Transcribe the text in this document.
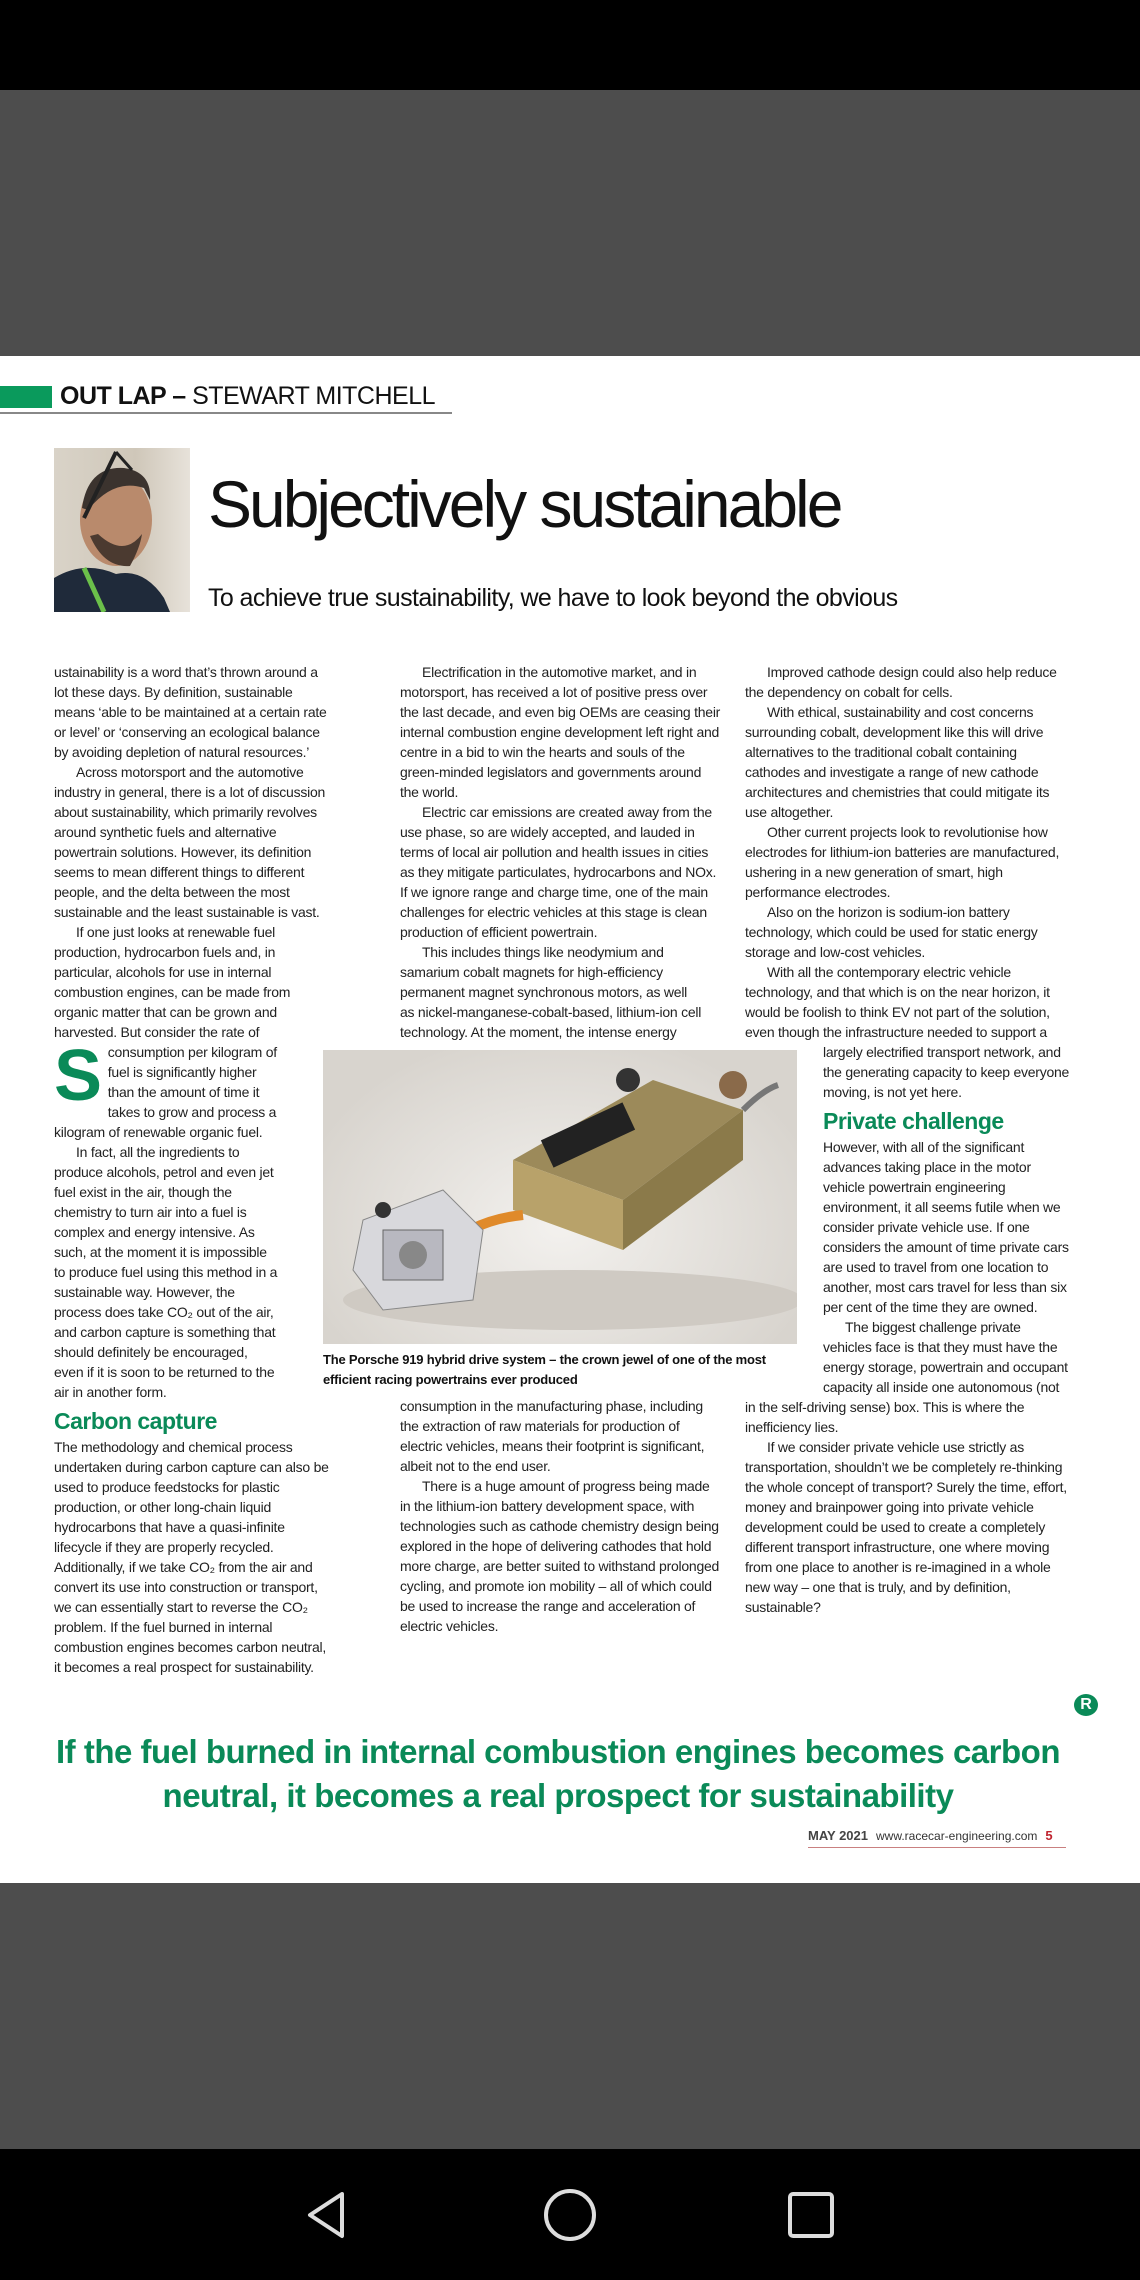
OUT LAP – STEWART MITCHELL
Subjectively sustainable
To achieve true sustainability, we have to look beyond the obvious

S
ustainability is a word that’s thrown around a lot these days. By definition, sustainable means ‘able to be maintained at a certain rate or level’ or ‘conserving an ecological balance by avoiding depletion of natural resources.’

Across motorsport and the automotive industry in general, there is a lot of discussion about sustainability, which primarily revolves around synthetic fuels and alternative powertrain solutions. However, its definition seems to mean different things to different people, and the delta between the most sustainable and the least sustainable is vast.

If one just looks at renewable fuel production, hydrocarbon fuels and, in particular, alcohols for use in internal combustion engines, can be made from organic matter that can be grown and harvested. But consider the rate of consumption per kilogram of fuel is significantly higher than the amount of time it takes to grow and process a kilogram of renewable organic fuel.

In fact, all the ingredients to produce alcohols, petrol and even jet fuel exist in the air, though the chemistry to turn air into a fuel is complex and energy intensive. As such, at the moment it is impossible to produce fuel using this method in a sustainable way. However, the process does take CO₂ out of the air, and carbon capture is something that should definitely be encouraged, even if it is soon to be returned to the air in another form.

Carbon capture

The methodology and chemical process undertaken during carbon capture can also be used to produce feedstocks for plastic production, or other long-chain liquid hydrocarbons that have a quasi-infinite lifecycle if they are properly recycled. Additionally, if we take CO₂ from the air and convert its use into construction or transport, we can essentially start to reverse the CO₂ problem. If the fuel burned in internal combustion engines becomes carbon neutral, it becomes a real prospect for sustainability.

Electrification in the automotive market, and in motorsport, has received a lot of positive press over the last decade, and even big OEMs are ceasing their internal combustion engine development left right and centre in a bid to win the hearts and souls of the green-minded legislators and governments around the world.

Electric car emissions are created away from the use phase, so are widely accepted, and lauded in terms of local air pollution and health issues in cities as they mitigate particulates, hydrocarbons and NOx. If we ignore range and charge time, one of the main challenges for electric vehicles at this stage is clean production of efficient powertrain.

This includes things like neodymium and samarium cobalt magnets for high-efficiency permanent magnet synchronous motors, as well

as nickel-manganese-cobalt-based, lithium-ion cell technology. At the moment, the intense energy consumption in the manufacturing phase, including the extraction of raw materials for production of electric vehicles, means their footprint is significant, albeit not to the end user.

There is a huge amount of progress being made in the lithium-ion battery development space, with technologies such as cathode chemistry design being explored in the hope of delivering cathodes that hold more charge, are better suited to withstand prolonged cycling, and promote ion mobility – all of which could be used to increase the range and acceleration of electric vehicles.

Improved cathode design could also help reduce the dependency on cobalt for cells.

With ethical, sustainability and cost concerns surrounding cobalt, development like this will drive alternatives to the traditional cobalt containing cathodes and investigate a range of new cathode architectures and chemistries that could mitigate its use altogether.

Other current projects look to revolutionise how electrodes for lithium-ion batteries are manufactured, ushering in a new generation of smart, high performance electrodes.

Also on the horizon is sodium-ion battery technology, which could be used for static energy storage and low-cost vehicles.

With all the contemporary electric vehicle technology, and that which is on the near horizon, it would be foolish to think EV not part of the solution, even though the infrastructure needed to support a largely electrified transport network, and the generating capacity to keep everyone moving, is not yet here.

Private challenge

However, with all of the significant advances taking place in the motor vehicle powertrain engineering environment, it all seems futile when we consider private vehicle use. If one considers the amount of time private cars are used to travel from one location to another, most cars travel for less than six per cent of the time they are owned.

The biggest challenge private vehicles face is that they must have the energy storage, powertrain and occupant capacity all inside one autonomous (not in the self-driving sense) box. This is where the inefficiency lies.

If we consider private vehicle use strictly as transportation, shouldn’t we be completely re-thinking the whole concept of transport? Surely the time, effort, money and brainpower going into private vehicle development could be used to create a completely different transport infrastructure, one where moving from one place to another is re-imagined in a whole new way – one that is truly, and by definition, sustainable?

The Porsche 919 hybrid drive system – the crown jewel of one of the most efficient racing powertrains ever produced
R
If the fuel burned in internal combustion engines becomes carbon neutral, it becomes a real prospect for sustainability
MAY 2021 www.racecar-engineering.com 5
